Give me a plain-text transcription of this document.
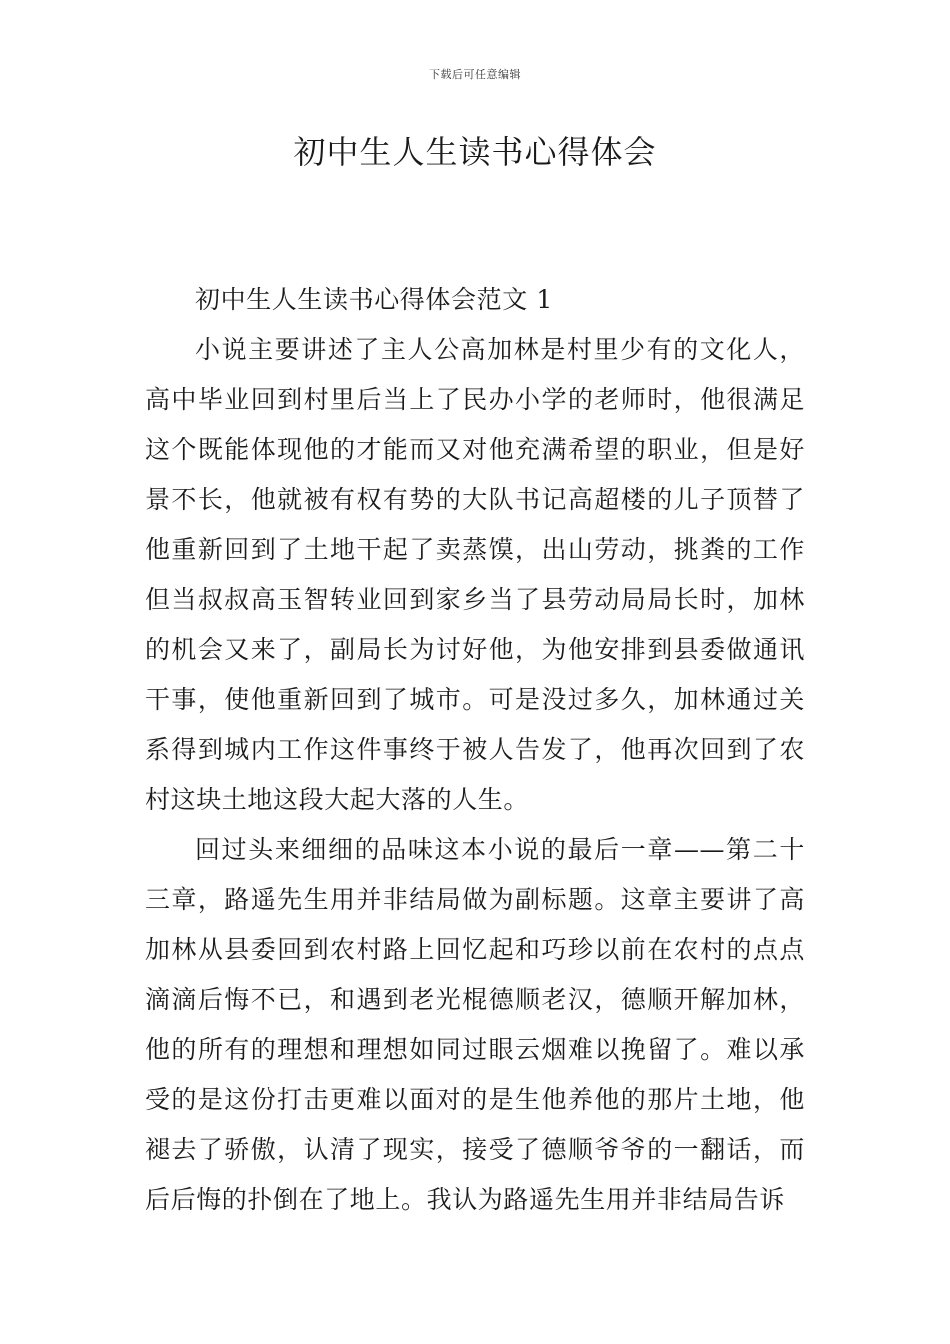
下载后可任意编辑
初中生人生读书心得体会

初中生人生读书心得体会范文 1

小说主要讲述了主人公高加林是村里少有的文化人，高中毕业回到村里后当上了民办小学的老师时，他很满足这个既能体现他的才能而又对他充满希望的职业，但是好景不长，他就被有权有势的大队书记高超楼的儿子顶替了他重新回到了土地干起了卖蒸馍，出山劳动，挑粪的工作但当叔叔高玉智转业回到家乡当了县劳动局局长时，加林的机会又来了，副局长为讨好他，为他安排到县委做通讯干事，使他重新回到了城市。可是没过多久，加林通过关系得到城内工作这件事终于被人告发了，他再次回到了农村这块土地这段大起大落的人生。

回过头来细细的品味这本小说的最后一章——第二十三章，路遥先生用并非结局做为副标题。这章主要讲了高加林从县委回到农村路上回忆起和巧珍以前在农村的点点滴滴后悔不已，和遇到老光棍德顺老汉，德顺开解加林，他的所有的理想和理想如同过眼云烟难以挽留了。难以承受的是这份打击更难以面对的是生他养他的那片土地，他褪去了骄傲，认清了现实，接受了德顺爷爷的一翻话，而后后悔的扑倒在了地上。我认为路遥先生用并非结局告诉
